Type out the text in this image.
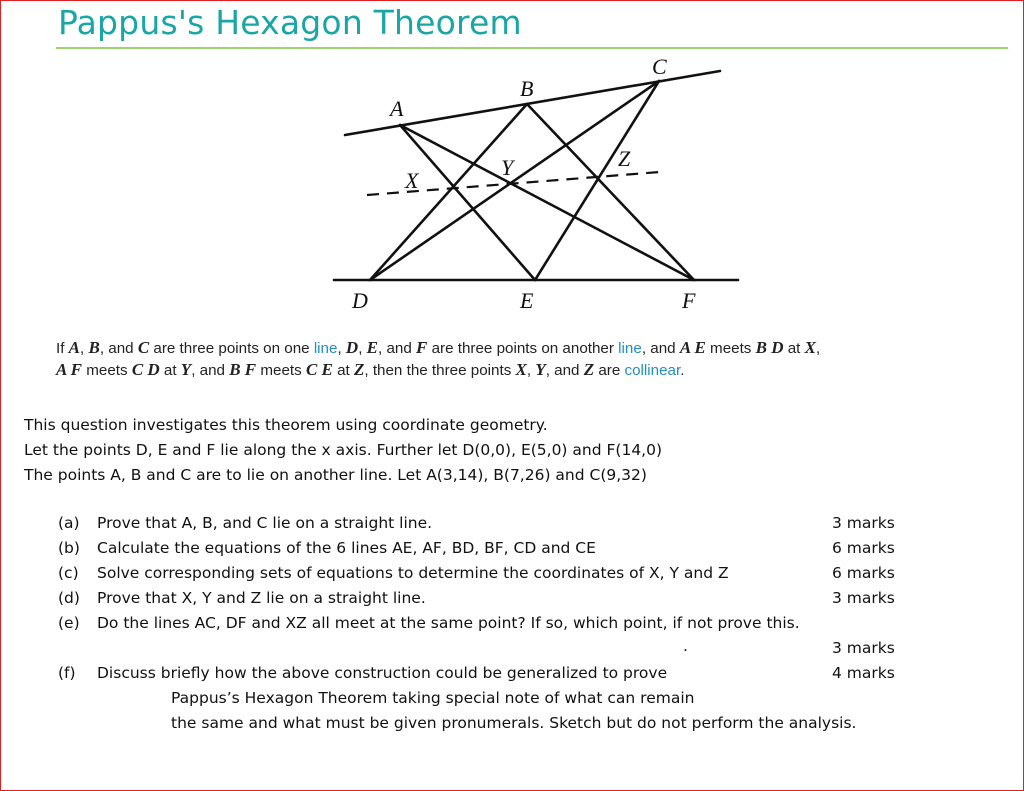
Pappus's Hexagon Theorem
A
B
C
X
Y	Z
D	E	F
If A, B, and C are three points on one line, D, E, and F are three points on another line, and A E meets B D at X,
A F meets C D at Y, and B F meets C E at Z, then the three points X, Y, and Z are collinear.
This question investigates this theorem using coordinate geometry.
Let the points D, E and F lie along the x axis. Further let D(0,0), E(5,0) and F(14,0)
The points A, B and C are to lie on another line. Let A(3,14), B(7,26) and C(9,32)
(a) Prove that A, B, and C lie on a straight line.	3 marks
(b) Calculate the equations of the 6 lines AE, AF, BD, BF, CD and CE	6 marks
(c) Solve corresponding sets of equations to determine the coordinates of X, Y and Z	6 marks
(d) Prove that X, Y and Z lie on a straight line.	3 marks
(e) Do the lines AC, DF and XZ all meet at the same point? If so, which point, if not prove this.
.	3 marks
(f) Discuss briefly how the above construction could be generalized to prove	4 marks
Pappus’s Hexagon Theorem taking special note of what can remain
the same and what must be given pronumerals. Sketch but do not perform the analysis.
